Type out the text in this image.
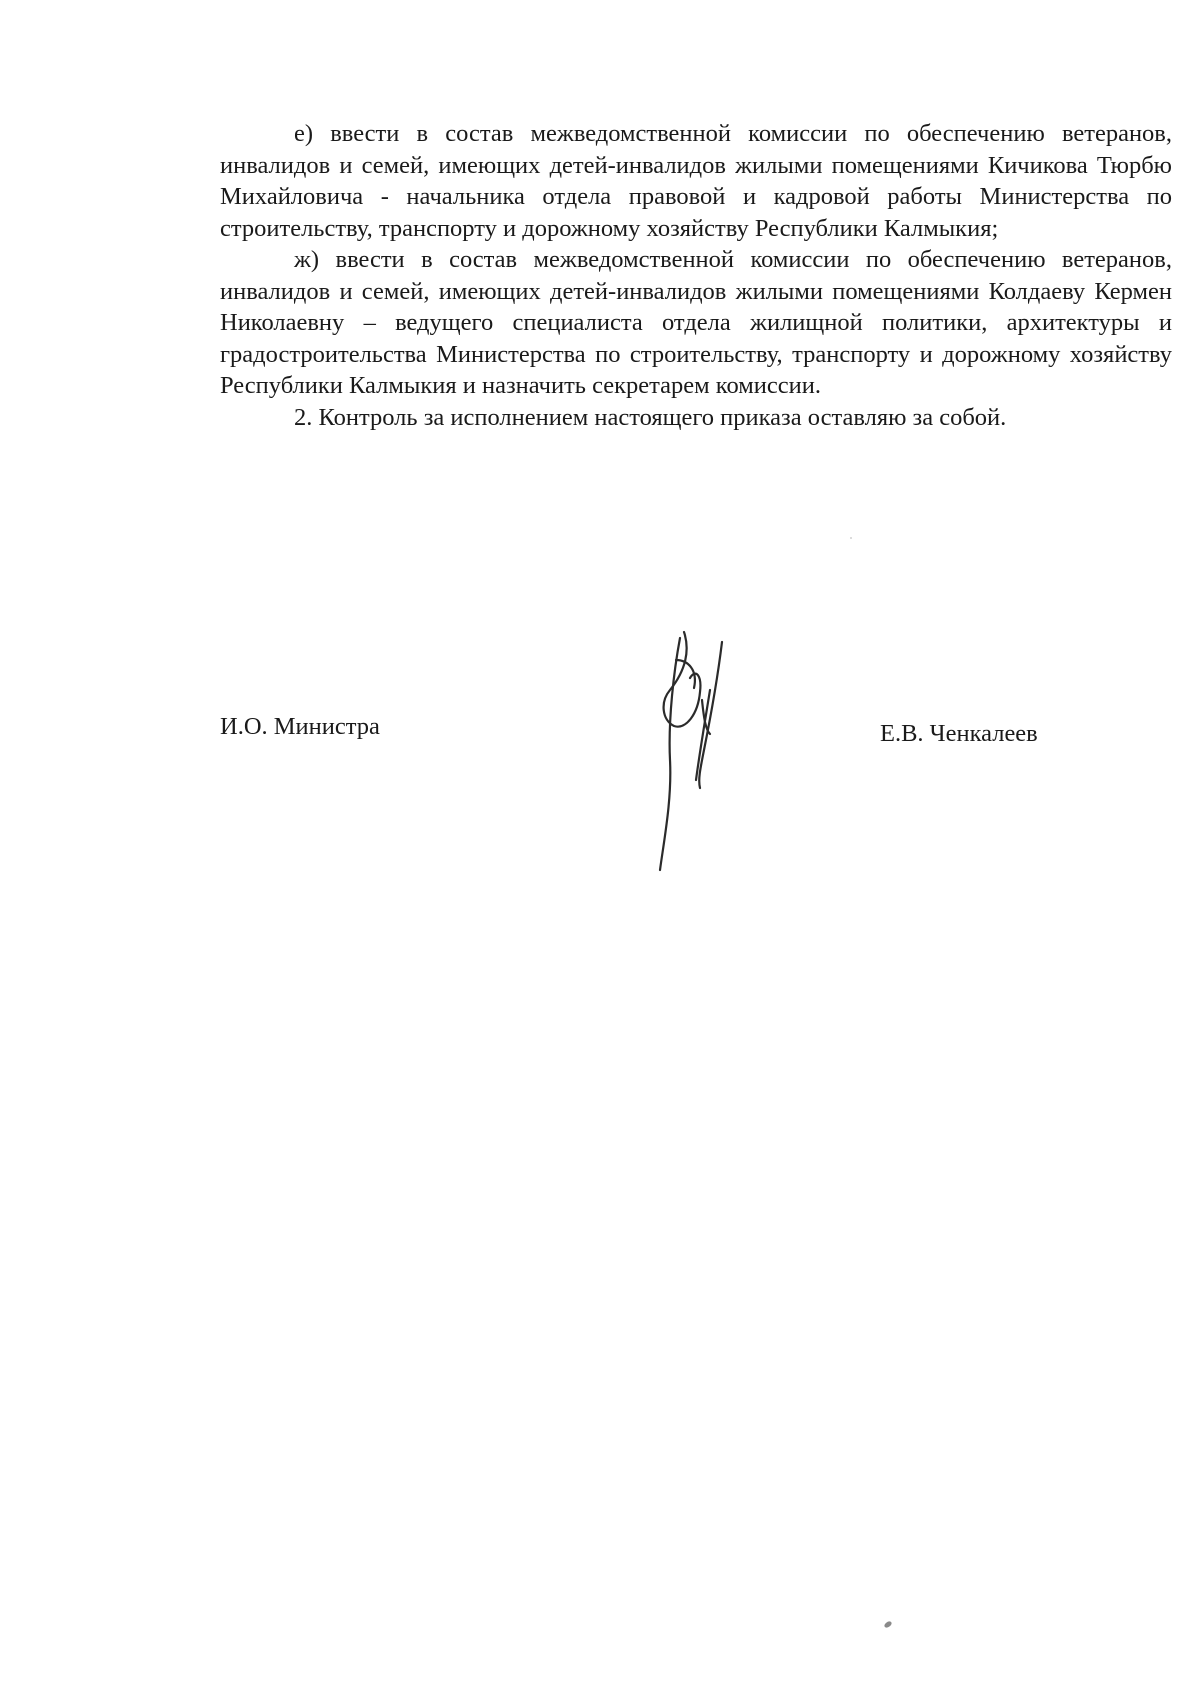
е) ввести в состав межведомственной комиссии по обеспечению ветеранов, инвалидов и семей, имеющих детей-инвалидов жилыми помещениями Кичикова Тюрбю Михайловича - начальника отдела правовой и кадровой работы Министерства по строительству, транспорту и дорожному хозяйству Республики Калмыкия;

ж) ввести в состав межведомственной комиссии по обеспечению ветеранов, инвалидов и семей, имеющих детей-инвалидов жилыми помещениями Колдаеву Кермен Николаевну – ведущего специалиста отдела жилищной политики, архитектуры и градостроительства Министерства по строительству, транспорту и дорожному хозяйству Республики Калмыкия и назначить секретарем комиссии.

2. Контроль за исполнением настоящего приказа оставляю за собой.

И.О. Министра	Е.В. Ченкалеев
